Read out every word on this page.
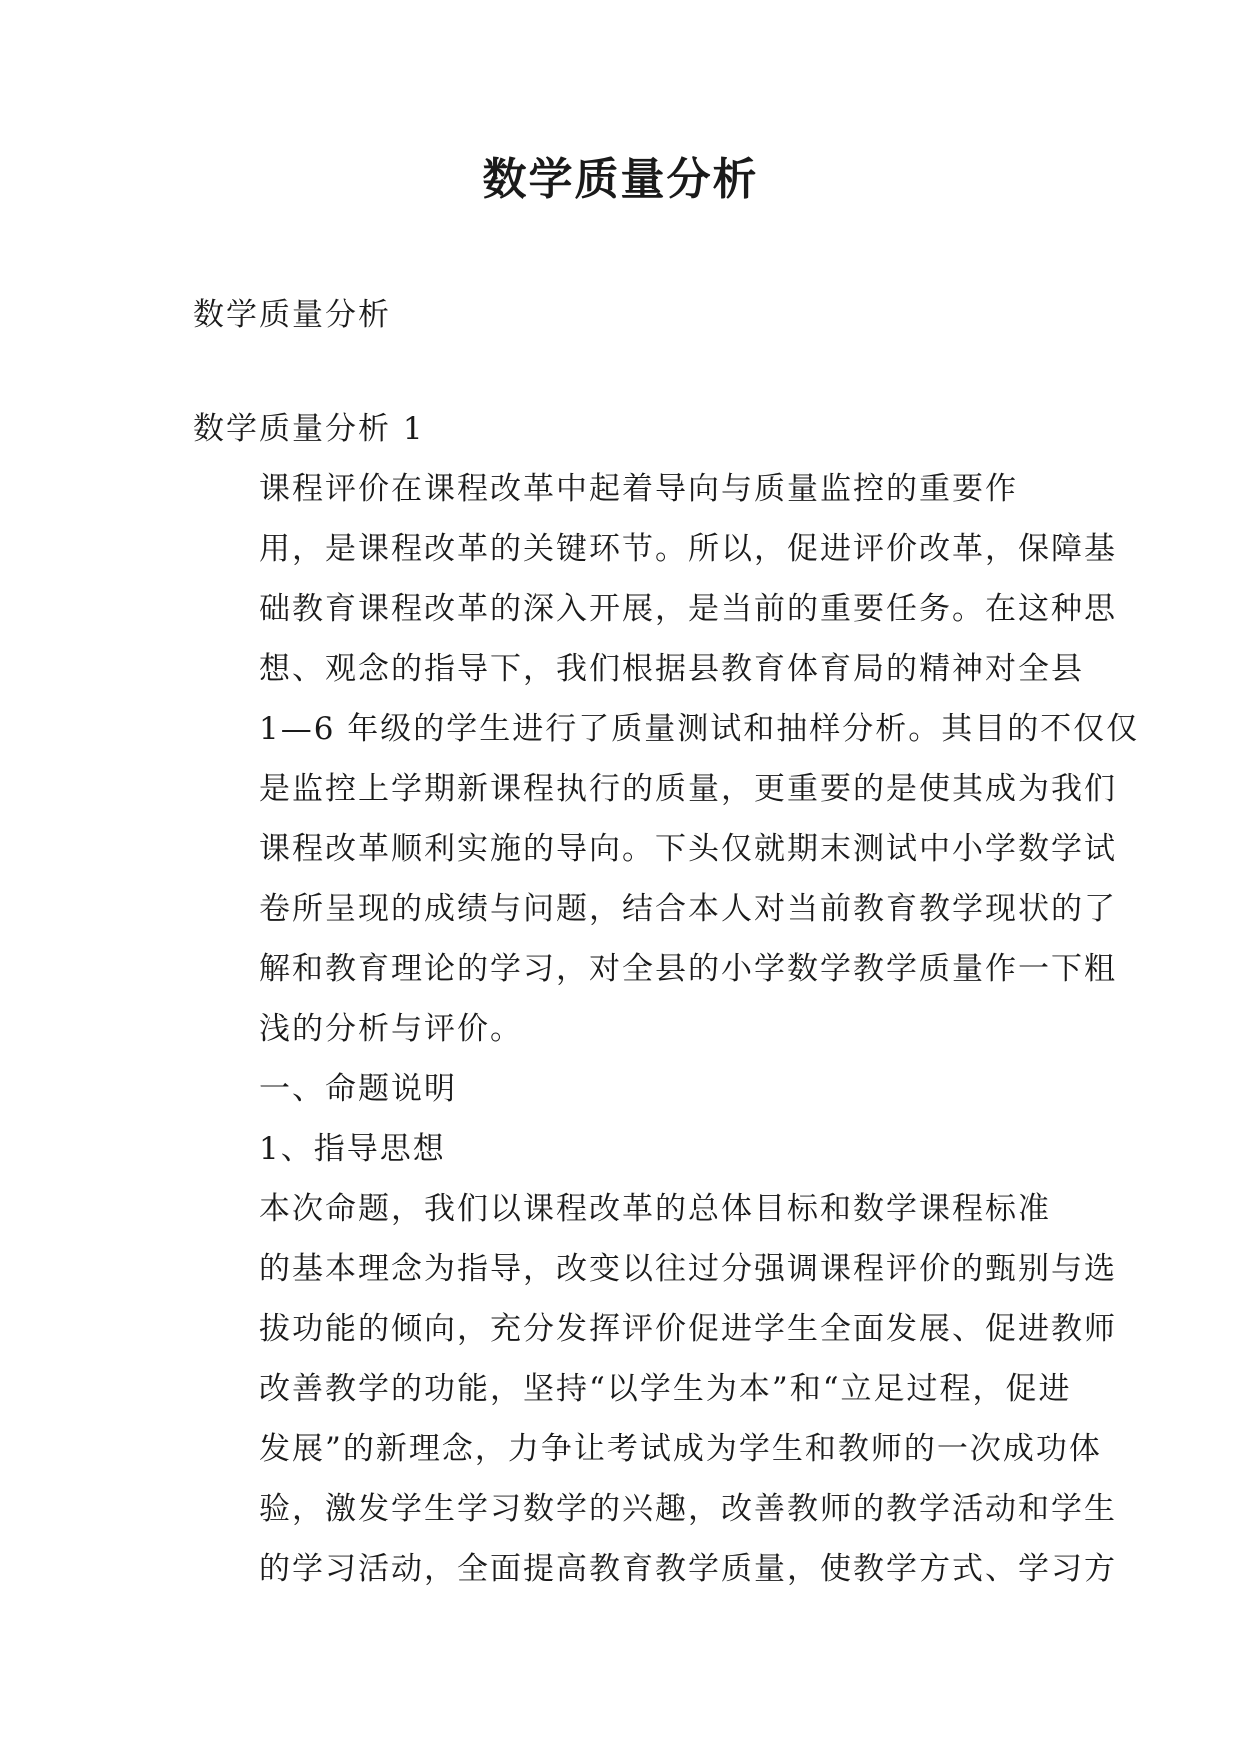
数学质量分析
数学质量分析
数学质量分析 1
课程评价在课程改革中起着导向与质量监控的重要作
用，是课程改革的关键环节。所以，促进评价改革，保障基
础教育课程改革的深入开展，是当前的重要任务。在这种思
想、观念的指导下，我们根据县教育体育局的精神对全县
1—6 年级的学生进行了质量测试和抽样分析。其目的不仅仅
是监控上学期新课程执行的质量，更重要的是使其成为我们
课程改革顺利实施的导向。下头仅就期末测试中小学数学试
卷所呈现的成绩与问题，结合本人对当前教育教学现状的了
解和教育理论的学习，对全县的小学数学教学质量作一下粗
浅的分析与评价。
一、命题说明
1、指导思想
本次命题，我们以课程改革的总体目标和数学课程标准
的基本理念为指导，改变以往过分强调课程评价的甄别与选
拔功能的倾向，充分发挥评价促进学生全面发展、促进教师
改善教学的功能，坚持“以学生为本”和“立足过程，促进
发展”的新理念，力争让考试成为学生和教师的一次成功体
验，激发学生学习数学的兴趣，改善教师的教学活动和学生
的学习活动，全面提高教育教学质量，使教学方式、学习方
